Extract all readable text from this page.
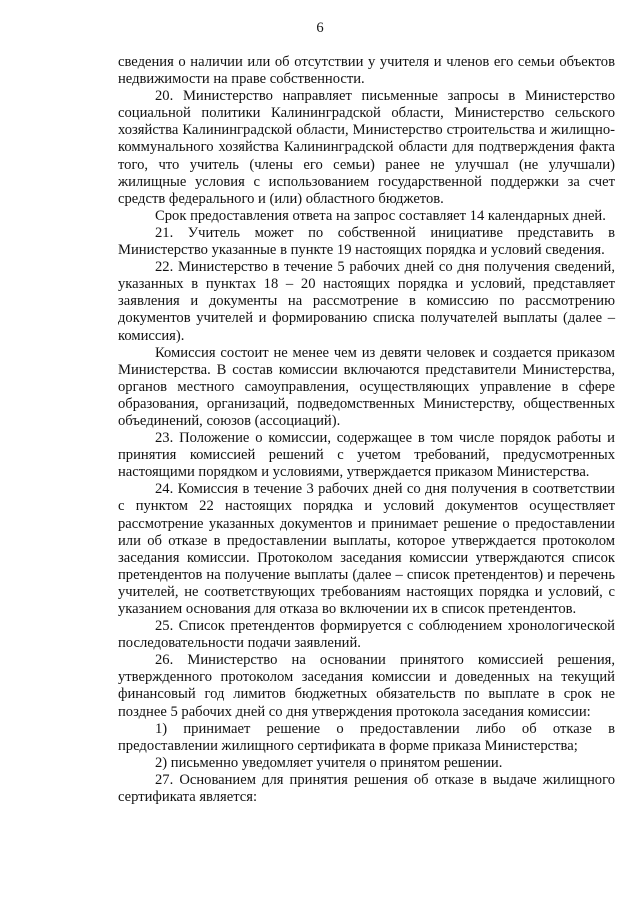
6

сведения о наличии или об отсутствии у учителя и членов его семьи объектов недвижимости на праве собственности.

20. Министерство направляет письменные запросы в Министерство социальной политики Калининградской области, Министерство сельского хозяйства Калининградской области, Министерство строительства и жилищно-коммунального хозяйства Калининградской области для подтверждения факта того, что учитель (члены его семьи) ранее не улучшал (не улучшали) жилищные условия с использованием государственной поддержки за счет средств федерального и (или) областного бюджетов.

Срок предоставления ответа на запрос составляет 14 календарных дней.

21. Учитель может по собственной инициативе представить в Министерство указанные в пункте 19 настоящих порядка и условий сведения.

22. Министерство в течение 5 рабочих дней со дня получения сведений, указанных в пунктах 18 – 20 настоящих порядка и условий, представляет заявления и документы на рассмотрение в комиссию по рассмотрению документов учителей и формированию списка получателей выплаты (далее – комиссия).

Комиссия состоит не менее чем из девяти человек и создается приказом Министерства. В состав комиссии включаются представители Министерства, органов местного самоуправления, осуществляющих управление в сфере образования, организаций, подведомственных Министерству, общественных объединений, союзов (ассоциаций).

23. Положение о комиссии, содержащее в том числе порядок работы и принятия комиссией решений с учетом требований, предусмотренных настоящими порядком и условиями, утверждается приказом Министерства.

24. Комиссия в течение 3 рабочих дней со дня получения в соответствии с пунктом 22 настоящих порядка и условий документов осуществляет рассмотрение указанных документов и принимает решение о предоставлении или об отказе в предоставлении выплаты, которое утверждается протоколом заседания комиссии. Протоколом заседания комиссии утверждаются список претендентов на получение выплаты (далее – список претендентов) и перечень учителей, не соответствующих требованиям настоящих порядка и условий, с указанием основания для отказа во включении их в список претендентов.

25. Список претендентов формируется с соблюдением хронологической последовательности подачи заявлений.

26. Министерство на основании принятого комиссией решения, утвержденного протоколом заседания комиссии и доведенных на текущий финансовый год лимитов бюджетных обязательств по выплате в срок не позднее 5 рабочих дней со дня утверждения протокола заседания комиссии:

1) принимает решение о предоставлении либо об отказе в предоставлении жилищного сертификата в форме приказа Министерства;

2) письменно уведомляет учителя о принятом решении.

27. Основанием для принятия решения об отказе в выдаче жилищного сертификата является:
